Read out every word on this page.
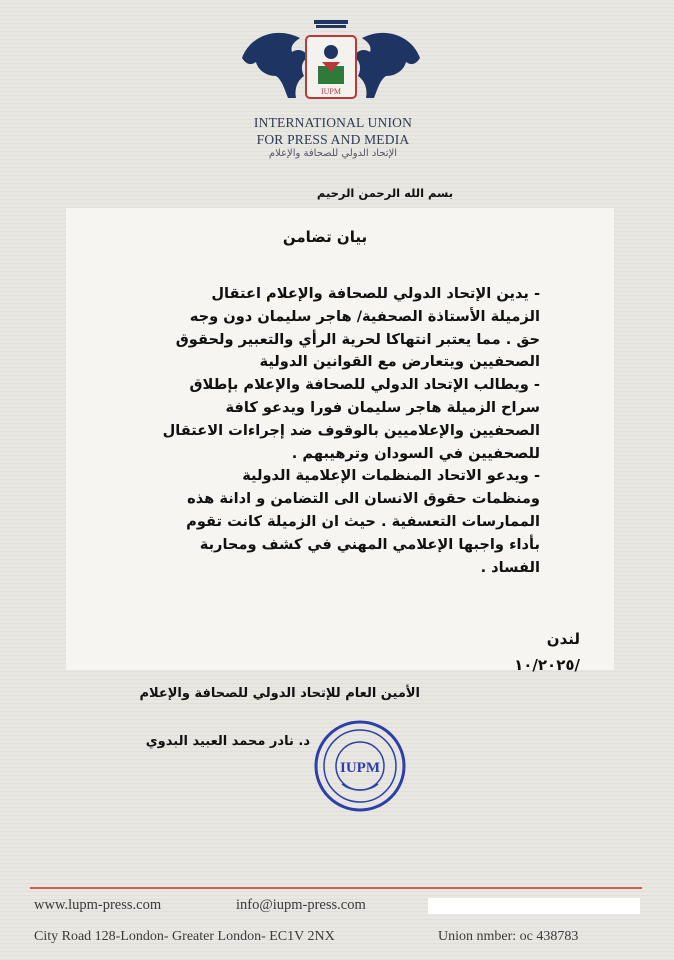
IUPM
INTERNATIONAL UNION
FOR PRESS AND MEDIA
الإتحاد الدولي للصحافة والإعلام
بسم الله الرحمن الرحيم
بيان تضامن

- يدين الإتحاد الدولي للصحافة والإعلام اعتقال

الزميلة الأستاذة الصحفية/ هاجر سليمان دون وجه

حق . مما يعتبر انتهاكا لحرية الرأي والتعبير ولحقوق

الصحفيين ويتعارض مع القوانين الدولية

- ويطالب الإتحاد الدولي للصحافة والإعلام بإطلاق

سراح الزميلة هاجر سليمان فورا ويدعو كافة

الصحفيين والإعلاميين بالوقوف ضد إجراءات الاعتقال

للصحفيين في السودان وترهيبهم .

- ويدعو الاتحاد المنظمات الإعلامية الدولية

ومنظمات حقوق الانسان الى التضامن و ادانة هذه

الممارسات التعسفية . حيث ان الزميلة كانت تقوم

بأداء واجبها الإعلامي المهني في كشف ومحاربة

الفساد .

لندن
/١٠/٢٠٢٥
الأمين العام للإتحاد الدولي للصحافة والإعلام
د. نادر محمد العبيد البدوي
IUPM
www.lupm-press.com	info@iupm-press.com
City Road 128-London- Greater London- EC1V 2NX	Union nmber: oc 438783
